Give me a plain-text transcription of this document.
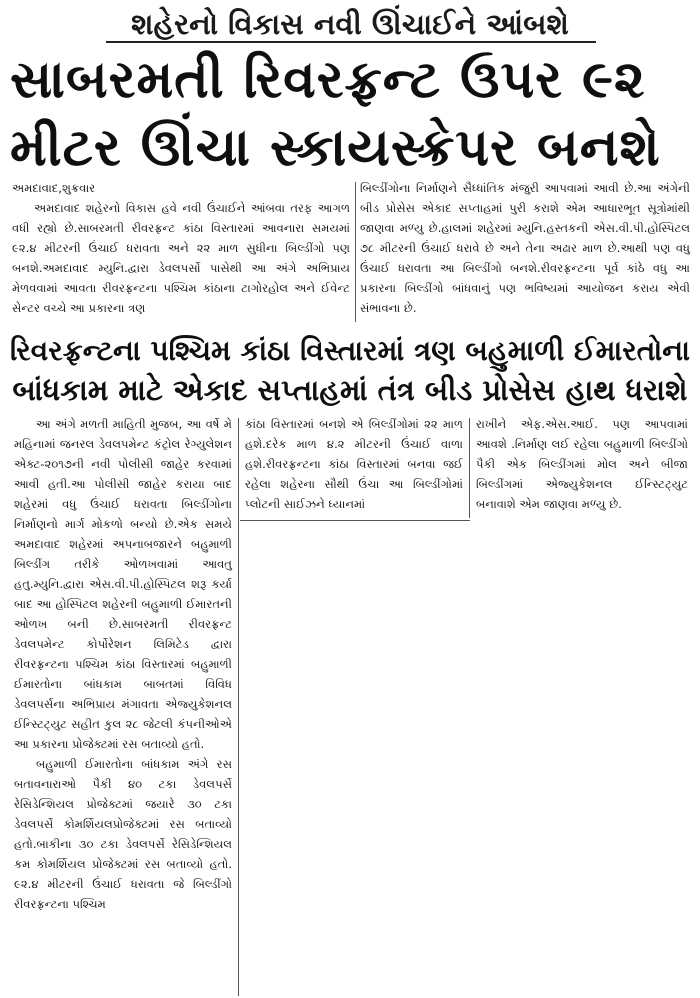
શહેરનો વિકાસ નવી ઊંચાઈને આંબશે
સાબરમતી રિવરફ્રન્ટ ઉપર ૯૨
મીટર ઊંચા સ્કાયસ્ક્રેપર બનશે

અમદાવાદ,શુક્રવાર

અમદાવાદ શહેરનો વિકાસ હવે નવી ઉંચાઈને આંબવા તરફ આગળ વધી રહ્યો છે.સાબરમતી રીવરફ્રન્ટ કાંઠા વિસ્તારમાં આવનારા સમયમાં ૯૨.૪ મીટરની ઉંચાઈ ધરાવતા અને ૨૨ માળ સુધીના બિલ્ડીંગો પણ બનશે.અમદાવાદ મ્યુનિ.દ્વારા ડેવલપર્સો પાસેથી આ અંગે અભિપ્રાય મેળવવામાં આવતા રીવરફ્રન્ટના પશ્ચિમ કાંઠાના ટાગોરહોલ અને ઈવેન્ટ સેન્ટર વચ્ચે આ પ્રકારના ત્રણ

બિલ્ડીંગોના નિર્માણને સૈધ્ધાંતિક મંજુરી આપવામાં આવી છે.આ અંગેની બીડ પ્રોસેસ એકાદ સપ્તાહમાં પુરી કરાશે એમ આધારભૂત સૂત્રોમાંથી જાણવા મળ્યુ છે.હાલમાં શહેરમાં મ્યુનિ.હસ્તકની એસ.વી.પી.હોસ્પિટલ ૭૮ મીટરની ઉંચાઈ ધરાવે છે અને તેના અઢાર માળ છે.આથી પણ વધુ ઉંચાઈ ધરાવતા આ બિલ્ડીંગો બનશે.રીવરફ્રન્ટના પૂર્વ કાંઠે વધુ આ પ્રકારના બિલ્ડીંગો બાંધવાનું પણ ભવિષ્યમાં આયોજન કરાય એવી સંભાવના છે.

રિવરફ્રન્ટના પશ્ચિમ કાંઠા વિસ્તારમાં ત્રણ બહુમાળી ઈમારતોના
બાંધકામ માટે એકાદ સપ્તાહમાં તંત્ર બીડ પ્રોસેસ હાથ ધરાશે

આ અંગે મળતી માહિતી મુજબ, આ વર્ષે મે મહિનામાં જનરલ ડેવલપમેન્ટ કંટ્રોલ રેગ્યુલેશન એક્ટ-૨૦૧૭ની નવી પોલીસી જાહેર કરવામાં આવી હતી.આ પોલીસી જાહેર કરાયા બાદ શહેરમાં વધુ ઉંચાઈ ધરાવતા બિલ્ડીંગોના નિર્માણનો માર્ગ મોકળો બન્યો છે.એક સમયે અમદાવાદ શહેરમાં અપનાબજારને બહુમાળી બિલ્ડીંગ તરીકે ઓળખવામાં આવતુ હતુ.મ્યુનિ.દ્વારા એસ.વી.પી.હોસ્પિટલ શરૂ કર્યા બાદ આ હોસ્પિટલ શહેરની બહુમાળી ઈમારતની ઓળખ બની છે.સાબરમતી રીવરફ્રન્ટ ડેવલપમેન્ટ કોર્પોરેશન લિમિટેડ દ્વારા રીવરફ્રન્ટના પશ્ચિમ કાંઠા વિસ્તારમાં બહુમાળી ઈમારતોના બાંધકામ બાબતમાં વિવિધ ડેવલપર્સના અભિપ્રાય મંગાવતા એજ્યુકેશનલ ઈન્સ્ટિટ્યુટ સહીત કુલ ૨૮ જેટલી કંપનીઓએ આ પ્રકારના પ્રોજેક્ટમાં રસ બતાવ્યો હતો.

બહુમાળી ઈમારતોના બાંધકામ અંગે રસ બતાવનારાઓ પૈકી ૪૦ ટકા ડેવલપર્સે રેસિડેન્શિયલ પ્રોજેક્ટમાં જયારે ૩૦ ટકા ડેવલપર્સે કોમર્શિયલપ્રોજેક્ટમાં રસ બતાવ્યો હતો.બાકીના ૩૦ ટકા ડેવલપર્સે રેસિડેન્શિયલ કમ કોમર્શિયલ પ્રોજેક્ટમાં રસ બતાવ્યો હતો. ૯૨.૪ મીટરની ઉંચાઈ ધરાવતા જે બિલ્ડીંગો રીવરફ્રન્ટના પશ્ચિમ

કાંઠા વિસ્તારમાં બનશે એ બિલ્ડીંગોમાં ૨૨ માળ હશે.દરેક માળ ૪.૨ મીટરની ઉંચાઈ વાળા હશે.રીવરફ્રન્ટના કાંઠા વિસ્તારમાં બનવા જઈ રહેલા શહેરના સૌથી ઉંચા આ બિલ્ડીંગોમાં પ્લોટની સાઈઝને ધ્યાનમાં

રાખીને એફ.એસ.આઈ. પણ આપવામાં આવશે .નિર્માણ લઈ રહેલા બહુમાળી બિલ્ડીંગો પૈકી એક બિલ્ડીંગમાં મોલ અને બીજા બિલ્ડીંગમાં એજ્યુકેશનલ ઈન્સ્ટિટ્યુટ બનાવાશે એમ જાણવા મળ્યુ છે.
